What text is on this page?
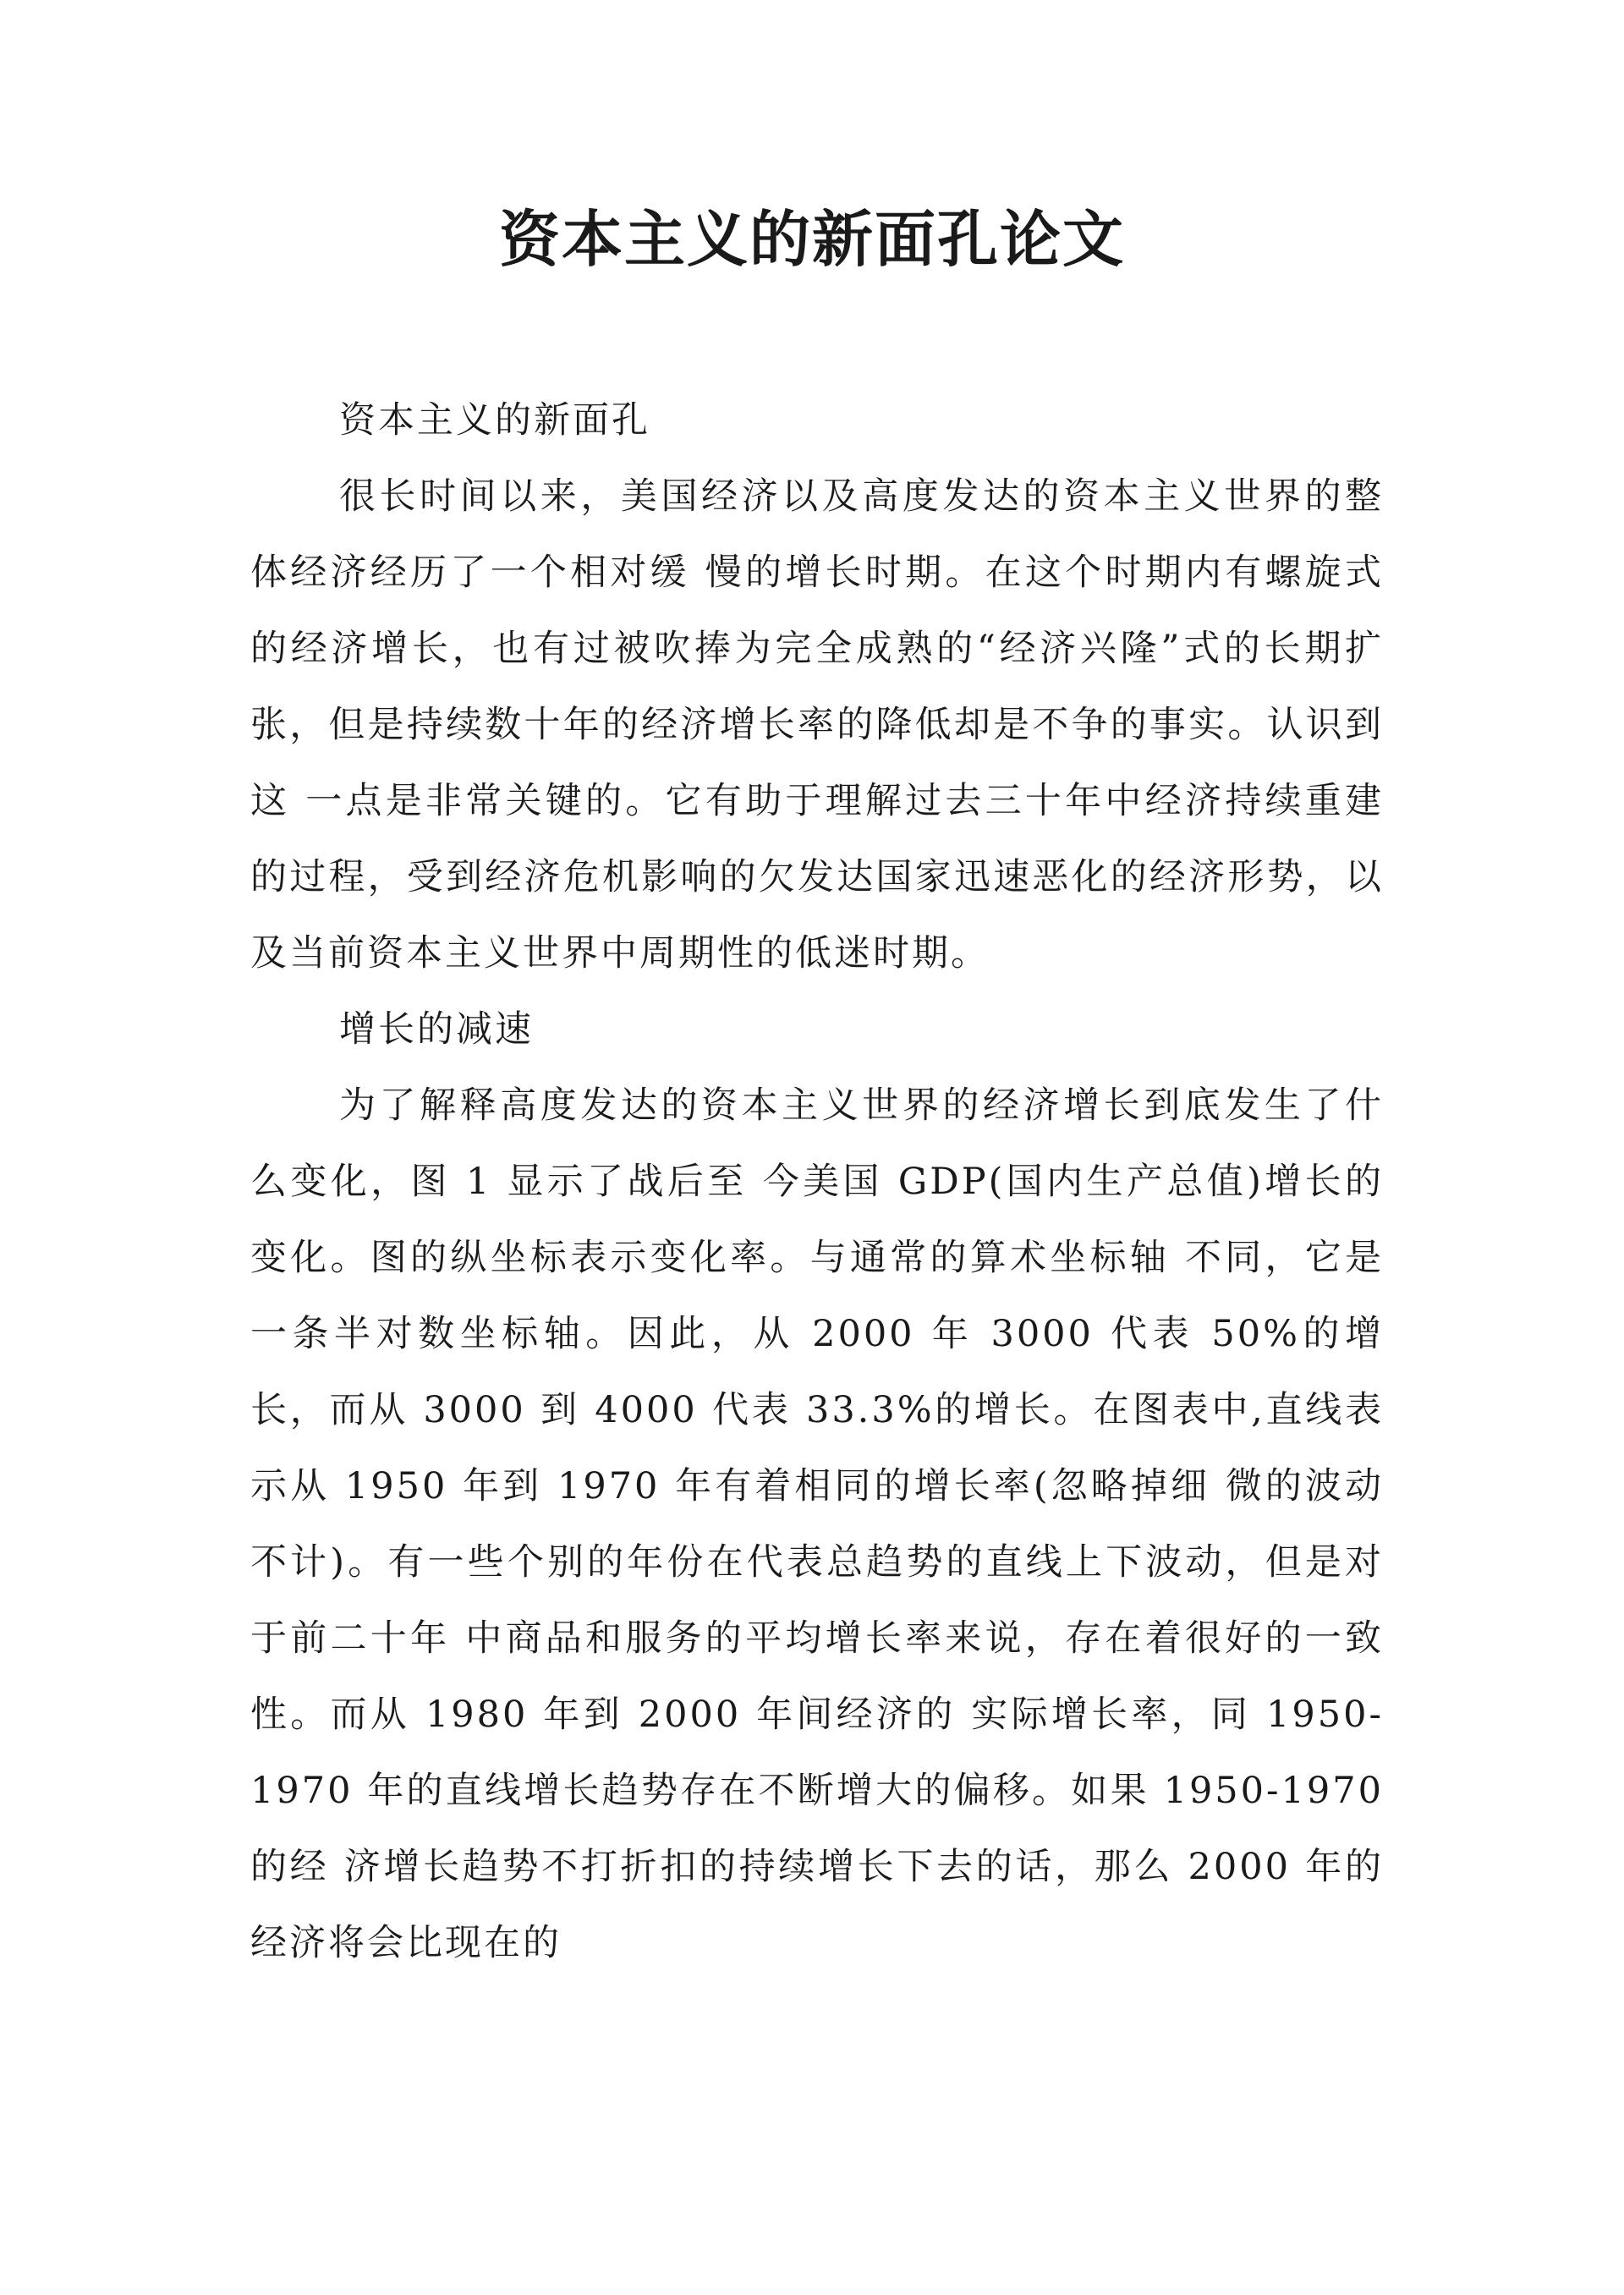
资本主义的新面孔论文

资本主义的新面孔

很长时间以来，美国经济以及高度发达的资本主义世界的整体经济经历了一个相对缓 慢的增长时期。在这个时期内有螺旋式的经济增长，也有过被吹捧为完全成熟的“经济兴隆”式的长期扩张，但是持续数十年的经济增长率的降低却是不争的事实。认识到这 一点是非常关键的。它有助于理解过去三十年中经济持续重建的过程，受到经济危机影响的欠发达国家迅速恶化的经济形势，以及当前资本主义世界中周期性的低迷时期。

增长的减速

为了解释高度发达的资本主义世界的经济增长到底发生了什么变化，图 1 显示了战后至 今美国 GDP(国内生产总值)增长的变化。图的纵坐标表示变化率。与通常的算术坐标轴 不同，它是一条半对数坐标轴。因此，从 2000 年 3000 代表 50%的增长，而从 3000 到 4000 代表 33.3%的增长。在图表中,直线表示从 1950 年到 1970 年有着相同的增长率(忽略掉细 微的波动不计)。有一些个别的年份在代表总趋势的直线上下波动，但是对于前二十年 中商品和服务的平均增长率来说，存在着很好的一致性。而从 1980 年到 2000 年间经济的 实际增长率，同 1950-1970 年的直线增长趋势存在不断增大的偏移。如果 1950-1970 的经 济增长趋势不打折扣的持续增长下去的话，那么 2000 年的经济将会比现在的
